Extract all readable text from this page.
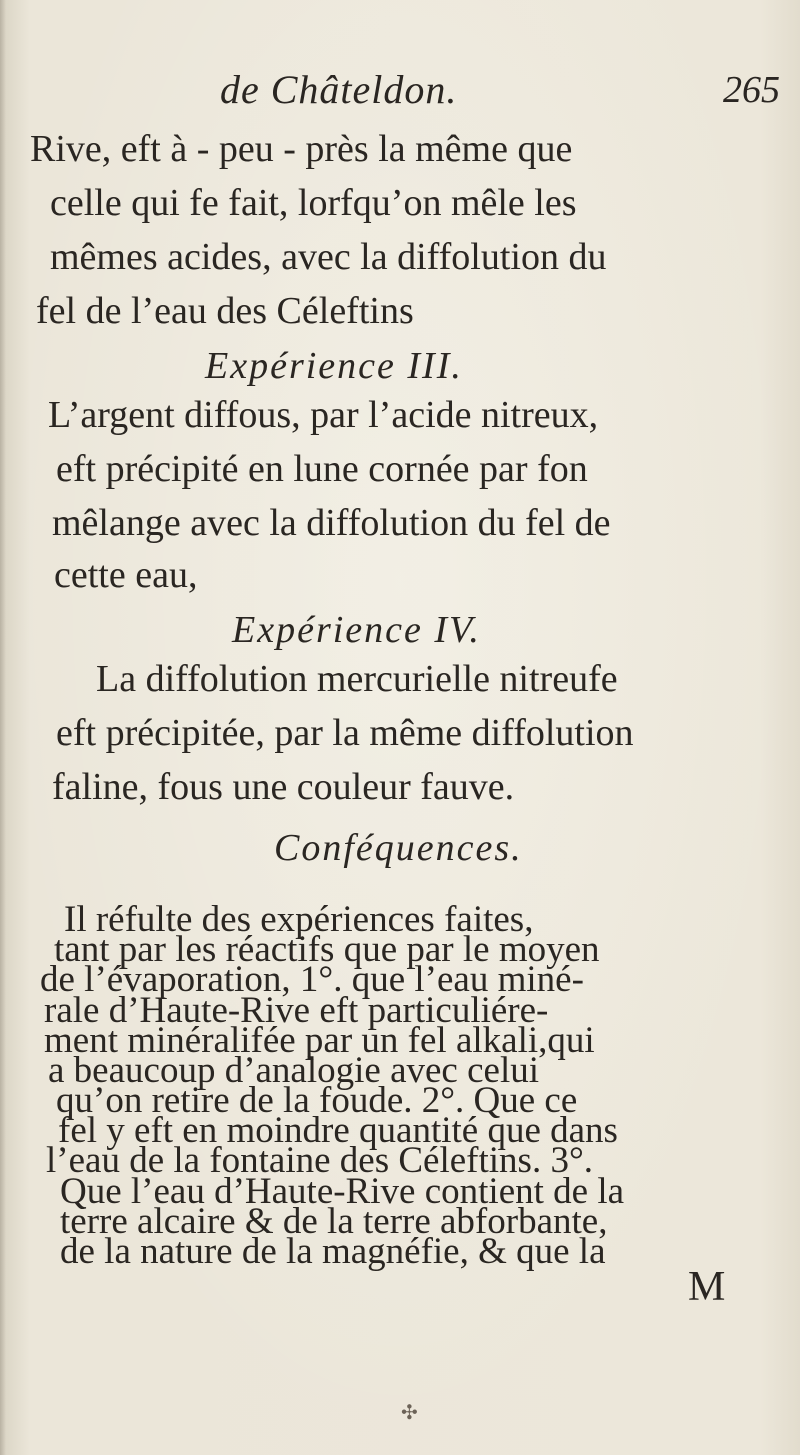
de Châteldon.	265
Rive, eft à - peu - près la même que
celle qui fe fait, lorfqu’on mêle les
mêmes acides, avec la diffolution du
fel de l’eau des Céleftins
Expérience III.
L’argent diffous, par l’acide nitreux,
eft précipité en lune cornée par fon
mêlange avec la diffolution du fel de
cette eau,
Expérience IV.
La diffolution mercurielle nitreufe
eft précipitée, par la même diffolution
faline, fous une couleur fauve.
Conféquences.
Il réfulte des expériences faites,
tant par les réactifs que par le moyen
de l’évaporation, 1°. que l’eau miné-
rale d’Haute-Rive eft particuliére-
ment minéralifée par un fel alkali,qui
a beaucoup d’analogie avec celui
qu’on retire de la foude. 2°. Que ce
fel y eft en moindre quantité que dans
l’eau de la fontaine des Céleftins. 3°.
Que l’eau d’Haute-Rive contient de la
terre alcaire & de la terre abforbante,
de la nature de la magnéfie, & que la
M
✣
